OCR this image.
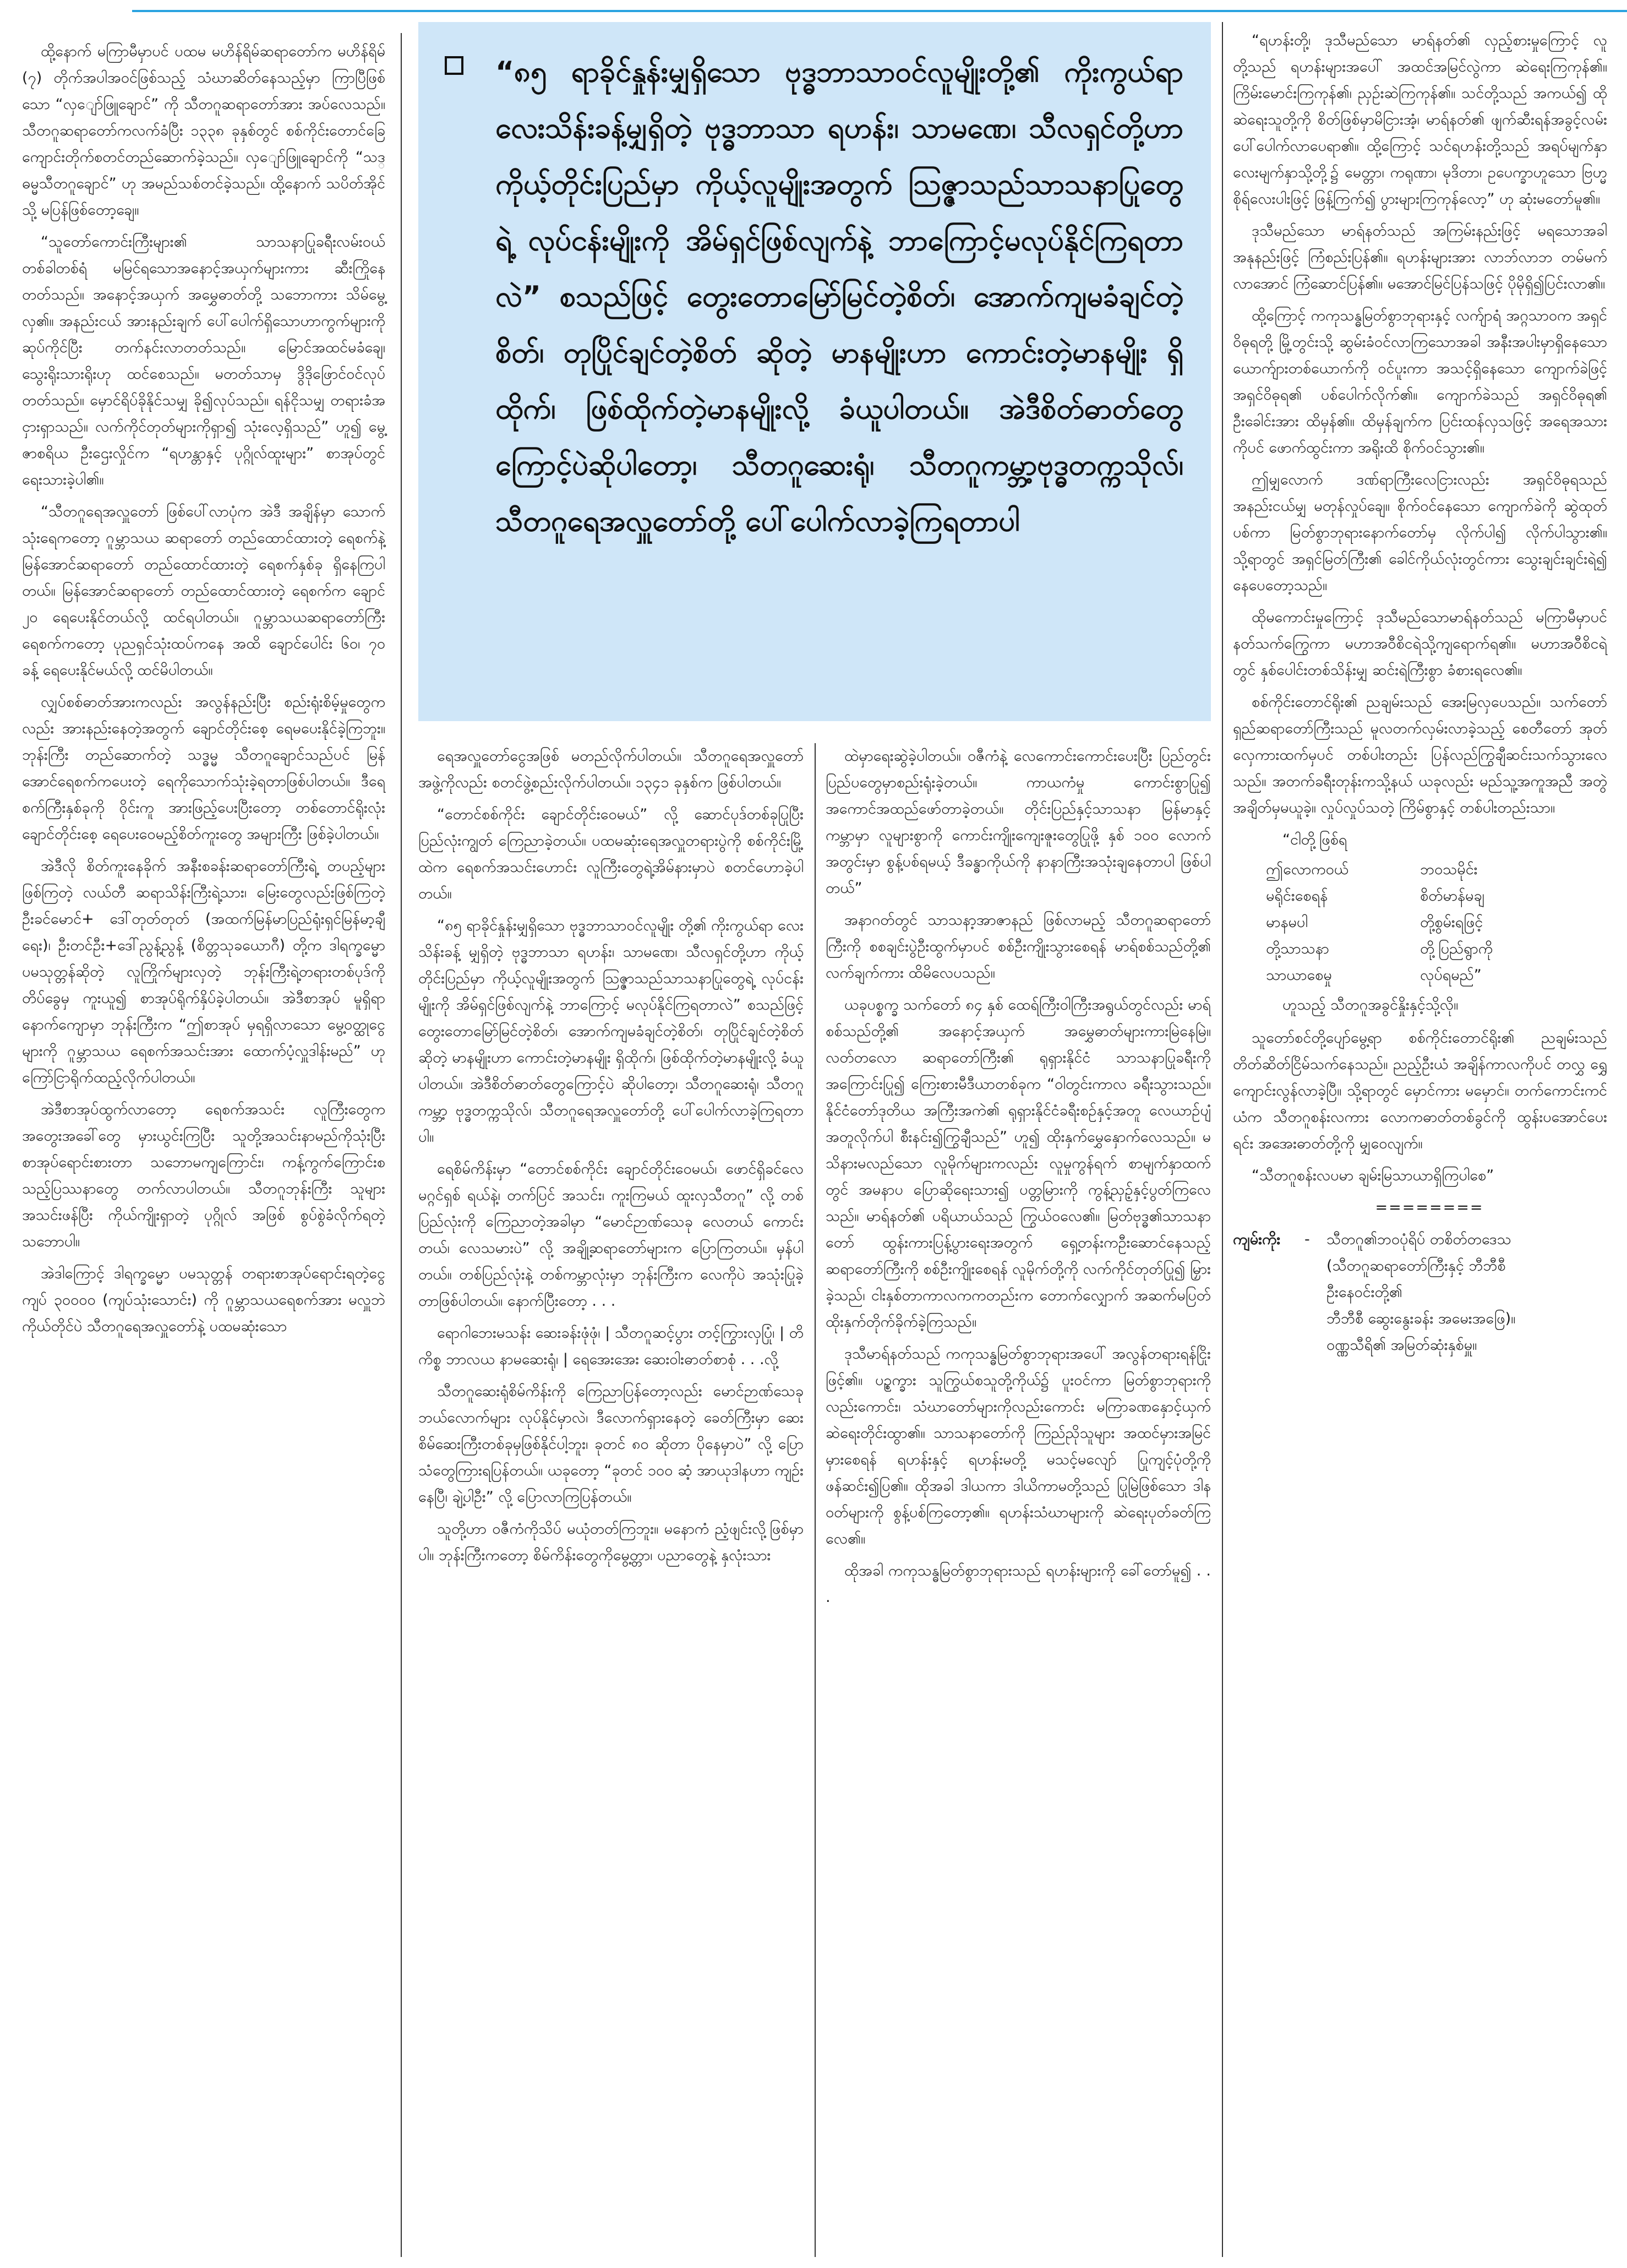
ထို့နောက် မကြာမီမှာပင် ပထမ မဟိန်ရိမ်ဆရာတော်က မဟိန်ရိမ် (၇) တိုက်အပါအဝင်ဖြစ်သည့် သံဃာဆိတ်နေသည့်မှာ ကြာပြီဖြစ်သော “လှျော်ဖြူချောင်” ကို သီတဂူဆရာတော်အား အပ်လေသည်။ သီတဂူဆရာတော်ကလက်ခံပြီး ၁၃၃၈ ခုနှစ်တွင် စစ်ကိုင်းတောင်ခြေ ကျောင်းတိုက်စတင်တည်ဆောက်ခဲ့သည်။ လှျော်ဖြူချောင်ကို “သဒ္ဓမ္မသီတဂူချောင်” ဟု အမည်သစ်တင်ခဲ့သည်။ ထို့နောက် သပိတ်အိုင်သို့ မပြန်ဖြစ်တော့ချေ။

“သူတော်ကောင်းကြီးများ၏ သာသနာပြုခရီးလမ်းဝယ် တစ်ခါတစ်ရံ မမြင်ရသောအနောင့်အယှက်များကား ဆီးကြိုနေတတ်သည်။ အနောင့်အယှက် အမွှေဓာတ်တို့ သဘောကား သိမ်မွေ့လှ၏။ အနည်းငယ် အားနည်းချက် ပေါ်ပေါက်ရှိသောဟာကွက်များကို ဆုပ်ကိုင်ပြီး တက်နင်းလာတတ်သည်။ မြောင်အထင်မခံချေ၊ သွေးရိုးသားရိုးဟု ထင်စေသည်။ မတတ်သာမှ ဒွိဒိုဖြောင်ဝင်လုပ်တတ်သည်။ မှောင်ရိပ်ခိုနိုင်သမျှ ခို၍လုပ်သည်။ ရန်ငိုသမျှ တရားခံအငှားရှာသည်။ လက်ကိုင်တုတ်များကိုရှာ၍ သုံးလေ့ရှိသည်” ဟူ၍ မွေ့ဇာစရိယ ဦးဌေးလှိုင်က “ရဟန္တာနှင့် ပုဂ္ဂိုလ်ထူးများ” စာအုပ်တွင် ရေးသားခဲ့ပါ၏။

“သီတဂူရေအလှူတော် ဖြစ်ပေါ်လာပုံက အဲဒီ အချိန်မှာ သောက်သုံးရေကတော့ ဂူမ္ဘာသယ ဆရာတော် တည်ထောင်ထားတဲ့ ရေစက်နဲ့ မြန်အောင်ဆရာတော် တည်ထောင်ထားတဲ့ ရေစက်နှစ်ခု ရှိနေကြပါတယ်။ မြန်အောင်ဆရာတော် တည်ထောင်ထားတဲ့ ရေစက်က ချောင် ၂၀ ရေပေးနိုင်တယ်လို့ ထင်ရပါတယ်။ ဂူမ္ဘာသယဆရာတော်ကြီး ရေစက်ကတော့ ပုညရှင်သုံးထပ်ကနေ အထိ ချောင်ပေါင်း ၆၀၊ ၇၀ ခန့် ရေပေးနိုင်မယ်လို့ ထင်မိပါတယ်။

လျှပ်စစ်ဓာတ်အားကလည်း အလွန်နည်းပြီး စည်းရုံးစိမ့်မှုတွေကလည်း အားနည်းနေတဲ့အတွက် ချောင်တိုင်းစေ့ ရေမပေးနိုင်ခဲ့ကြဘူး။ ဘုန်းကြီး တည်ဆောက်တဲ့ သဒ္ဓမ္မ သီတဂူချောင်သည်ပင် မြန်အောင်ရေစက်ကပေးတဲ့ ရေကိုသောက်သုံးခဲ့ရတာဖြစ်ပါတယ်။ ဒီရေစက်ကြီးနှစ်ခုကို ဝိုင်းကူ အားဖြည့်ပေးပြီးတော့ တစ်တောင်ရိုးလုံး ချောင်တိုင်းစေ့ ရေပေးဝေမည့်စိတ်ကူးတွေ အများကြီး ဖြစ်ခဲ့ပါတယ်။

အဲဒီလို စိတ်ကူးနေခိုက် အနီးစခန်းဆရာတော်ကြီးရဲ့ တပည့်များဖြစ်ကြတဲ့ လယ်တီ ဆရာသိန်းကြီးရဲ့သား၊ မြေးတွေလည်းဖြစ်ကြတဲ့ ဦးခင်မောင်+ ဒေါ်တုတ်တုတ် (အထက်မြန်မာပြည်ရုံးရှင်မြန်မာ့ချီရေး)၊ ဦးတင်ဦး+ဒေါ်ညွန့်ညွန့် (စိတ္တသုခယောဂီ) တို့က ဒါရက္ခမ္မော ပမသုတ္တန်ဆိုတဲ့ လူကြိုက်များလှတဲ့ ဘုန်းကြီးရဲ့တရားတစ်ပုဒ်ကို တိပ်ခွေမှ ကူးယူ၍ စာအုပ်ရိုက်နှိပ်ခဲ့ပါတယ်။ အဲဒီစာအုပ် မူရှိရာ နောက်ကျောမှာ ဘုန်းကြီးက “ဤစာအုပ် မှရရှိလာသော မွေ့ဝတ္ထုငွေများကို ဂူမ္ဘာသယ ရေစက်အသင်းအား ထောက်ပံ့လှူဒါန်းမည်” ဟု ကြော်ငြာရိုက်ထည့်လိုက်ပါတယ်။

အဲဒီစာအုပ်ထွက်လာတော့ ရေစက်အသင်း လူကြီးတွေက အတွေးအခေါ်တွေ မှားယွင်းကြပြီး သူတို့အသင်းနာမည်ကိုသုံးပြီး စာအုပ်ရောင်းစားတာ သဘောမကျကြောင်း၊ ကန့်ကွက်ကြောင်းစသည့်ပြဿနာတွေ တက်လာပါတယ်။ သီတဂူဘုန်းကြီး သူများ အသင်းဖန်ပြီး ကိုယ်ကျိုးရှာတဲ့ ပုဂ္ဂိုလ် အဖြစ် စွပ်စွဲခံလိုက်ရတဲ့ သဘောပါ။

အဲဒါကြောင့် ဒါရက္ခမ္မော ပမသုတ္တန် တရားစာအုပ်ရောင်းရတဲ့ငွေကျပ် ၃၀၀၀၀ (ကျပ်သုံးသောင်း) ကို ဂူမ္ဘာသယရေစက်အား မလှူဘဲ ကိုယ်တိုင်ပဲ သီတဂူရေအလှူတော်နဲ့ ပထမဆုံးသော

“၈၅ ရာခိုင်နှုန်းမျှရှိသော ဗုဒ္ဓဘာသာဝင်လူမျိုးတို့၏ ကိုးကွယ်ရာ လေးသိန်းခန့်မျှရှိတဲ့ ဗုဒ္ဓဘာသာ ရဟန်း၊ သာမဏေ၊ သီလရှင်တို့ဟာ ကိုယ့်တိုင်းပြည်မှာ ကိုယ့်လူမျိုးအတွက် ဩဇ္ဇာသည်သာသနာပြုတွေရဲ့ လုပ်ငန်းမျိုးကို အိမ်ရှင်ဖြစ်လျက်နဲ့ ဘာကြောင့်မလုပ်နိုင်ကြရတာလဲ” စသည်ဖြင့် တွေးတောမြော်မြင်တဲ့စိတ်၊ အောက်ကျမခံချင်တဲ့စိတ်၊ တုပြိုင်ချင်တဲ့စိတ် ဆိုတဲ့ မာနမျိုးဟာ ကောင်းတဲ့မာနမျိုး ရှိထိုက်၊ ဖြစ်ထိုက်တဲ့မာနမျိုးလို့ ခံယူပါတယ်။ အဲဒီစိတ်ဓာတ်တွေကြောင့်ပဲဆိုပါတော့၊ သီတဂူဆေးရုံ၊ သီတဂူကမ္ဘာ့ဗုဒ္ဓတက္ကသိုလ်၊ သီတဂူရေအလှူတော်တို့ ပေါ်ပေါက်လာခဲ့ကြရတာပါ

ရေအလှူတော်ငွေအဖြစ် မတည်လိုက်ပါတယ်။ သီတဂူရေအလှူတော် အဖွဲ့ကိုလည်း စတင်ဖွဲ့စည်းလိုက်ပါတယ်။ ၁၃၄၁ ခုနှစ်က ဖြစ်ပါတယ်။

“တောင်စစ်ကိုင်း ချောင်တိုင်းဝေမယ်” လို့ ဆောင်ပုဒ်တစ်ခုပြုပြီး ပြည်လုံးကျွတ် ကြေညာခဲ့တယ်။ ပထမဆုံးရေအလှူတရားပွဲကို စစ်ကိုင်းမြို့ ထဲက ရေစက်အသင်းဟောင်း လူကြီးတွေရဲ့အိမ်နားမှာပဲ စတင်ဟောခဲ့ပါတယ်။

“၈၅ ရာခိုင်နှုန်းမျှရှိသော ဗုဒ္ဓဘာသာဝင်လူမျိုး တို့၏ ကိုးကွယ်ရာ လေးသိန်းခန့် မျှရှိတဲ့ ဗုဒ္ဓဘာသာ ရဟန်း၊ သာမဏေ၊ သီလရှင်တို့ဟာ ကိုယ့်တိုင်းပြည်မှာ ကိုယ့်လူမျိုးအတွက် ဩဇ္ဇာသည်သာသနာပြုတွေရဲ့ လုပ်ငန်းမျိုးကို အိမ်ရှင်ဖြစ်လျက်နဲ့ ဘာကြောင့် မလုပ်နိုင်ကြရတာလဲ” စသည်ဖြင့် တွေးတောမြော်မြင်တဲ့စိတ်၊ အောက်ကျမခံချင်တဲ့စိတ်၊ တုပြိုင်ချင်တဲ့စိတ်ဆိုတဲ့ မာနမျိုးဟာ ကောင်းတဲ့မာနမျိုး ရှိထိုက်၊ ဖြစ်ထိုက်တဲ့မာနမျိုးလို့ ခံယူပါတယ်။ အဲဒီစိတ်ဓာတ်တွေကြောင့်ပဲ ဆိုပါတော့၊ သီတဂူဆေးရုံ၊ သီတဂူကမ္ဘာ့ ဗုဒ္ဓတက္ကသိုလ်၊ သီတဂူရေအလှူတော်တို့ ပေါ်ပေါက်လာခဲ့ကြရတာပါ။

ရေစိမ်ကိန်းမှာ “တောင်စစ်ကိုင်း ချောင်တိုင်းဝေမယ်၊ ဖောင်ရှိခင်လေ မဂ္ဂင်ရှစ် ရယ်နဲ့၊ တက်ပြင် အသင်း၊ ကူးကြမယ် ထူးလှသီတဂူ” လို့ တစ်ပြည်လုံးကို ကြေညာတဲ့အခါမှာ “မောင်ဉာဏ်သေခု လေတယ် ကောင်းတယ်၊ လေသမားပဲ” လို့ အချို့ဆရာတော်များက ပြောကြတယ်။ မှန်ပါတယ်။ တစ်ပြည်လုံးနဲ့ တစ်ကမ္ဘာလုံးမှာ ဘုန်းကြီးက လေကိုပဲ အသုံးပြုခဲ့တာဖြစ်ပါတယ်။ နောက်ပြီးတော့ . . .

ရောဂါဘေးမသန်း ဆေးခန်းဖုံဖုံ၊ | သီတဂူဆင့်ပွား တင့်ကြွားလှပြုံ၊ | တိ ကိစ္စ ဘာလယ နာမဆေးရုံ၊ | ရေအေးအေး ဆေးဝါးဓာတ်စာစုံ . . .လို့

သီတဂူဆေးရုံစိမ်ကိန်းကို ကြေညာပြန်တော့လည်း မောင်ဉာဏ်သေခု ဘယ်လောက်များ လုပ်နိုင်မှာလဲ၊ ဒီလောက်ရှားနေတဲ့ ခေတ်ကြီးမှာ ဆေးစိမ်ဆေးကြီးတစ်ခုမှဖြစ်နိုင်ပါ့ဘူး၊ ခုတင် ၈၀ ဆိုတာ ပိုနေမှာပဲ” လို့ ပြောသံတွေကြားရပြန်တယ်။ ယခုတော့ “ခုတင် ၁၀၀ ဆံ့ အာယုဒါနဟာ ကျဉ်းနေပြီ၊ ချဲ့ပါဦး” လို့ ပြောလာကြပြန်တယ်။

သူတို့ဟာ ဝဇီကံကိုသိပ် မယုံတတ်ကြဘူး။ မနောကံ ညံ့ဖျင်းလို့ဖြစ်မှာပါ။ ဘုန်းကြီးကတော့ စိမ်ကိန်းတွေကိုမွေ့တ္တာ၊ ပညာတွေနဲ့ နှလုံးသား

ထဲမှာရေးဆွဲခဲ့ပါတယ်။ ဝဇီကံနဲ့ လေကောင်းကောင်းပေးပြီး ပြည်တွင်း ပြည်ပတွေမှာစည်းရုံးခဲ့တယ်။ ကာယကံမှု ကောင်းစွာပြု၍ အကောင်အထည်ဖော်တာခဲ့တယ်။ တိုင်းပြည်နှင့်သာသနာ မြန်မာနှင့် ကမ္ဘာမှာ လူများစွာကို ကောင်းကျိုးကျေးဇူးတွေပြုဖို့ နှစ် ၁၀၀ လောက်အတွင်းမှာ စွန့်ပစ်ရမယ့် ဒီခန္ဓာကိုယ်ကို နာနာကြီးအသုံးချနေတာပါ ဖြစ်ပါတယ်”

အနာဂတ်တွင် သာသနာ့အာဇာနည် ဖြစ်လာမည့် သီတဂူဆရာတော်ကြီးကို စစချင်းပွဲဦးထွက်မှာပင် စစ်ဦးကျိုးသွားစေရန် မာရ်စစ်သည်တို့၏ လက်ချက်ကား ထိမိလေပသည်။

ယခုပစ္စက္ခ သက်တော် ၈၄ နှစ် ထေရ်ကြီးဝါကြီးအရွယ်တွင်လည်း မာရ်စစ်သည်တို့၏ အနောင့်အယှက် အမွှေဓာတ်များကားမြဲနေမြဲ။ လတ်တလော ဆရာတော်ကြီး၏ ရုရှားနိုင်ငံ သာသနာပြုခရီးကို အကြောင်းပြု၍ ကြေးစားမီဒီယာတစ်ခုက “ဝါတွင်းကာလ ခရီးသွားသည်။ နိုင်ငံတော်ဒုတိယ အကြီးအကဲ၏ ရုရှားနိုင်ငံခရီးစဉ်နှင့်အတူ လေယာဉ်ပျံအတူလိုက်ပါ စီးနင်း၍ကြွချီသည်” ဟူ၍ ထိုးနှက်မွှေနှောက်လေသည်။ မသိနားမလည်သော လူမိုက်များကလည်း လူမှုကွန်ရက် စာမျက်နှာထက်တွင် အမနာပ ပြောဆိုရေးသား၍ ပတ္တမြားကို ကွန့်ညှဉ့်နှင့်ပွတ်ကြလေသည်။ မာရ်နတ်၏ ပရိယာယ်သည် ကြွယ်ဝလေ၏။ မြတ်ဗုဒ္ဓ၏သာသနာတော် ထွန်းကားပြန့်ပွားရေးအတွက် ရှေ့တန်းကဦးဆောင်နေသည့် ဆရာတော်ကြီးကို စစ်ဦးကျိုးစေရန် လူမိုက်တို့ကို လက်ကိုင်တုတ်ပြု၍ မြှားခဲ့သည်၊ ငါးနှစ်တာကာလကကတည်းက တောက်လျှောက် အဆက်မပြတ် ထိုးနှက်တိုက်ခိုက်ခဲ့ကြသည်။

ဒုသီမာရ်နတ်သည် ကကုသန္ဓမြတ်စွာဘုရားအပေါ် အလွန်တရားရန်ငြိုးဖြင့်၏။ ပဉ္စက္ခား သူကြွယ်စသူတို့ကိုယ်၌ ပူးဝင်ကာ မြတ်စွာဘုရားကိုလည်းကောင်း၊ သံဃာတော်များကိုလည်းကောင်း မကြာခဏနှောင့်ယှက် ဆဲရေးတိုင်းထွာ၏။ သာသနာတော်ကို ကြည်ညိုသူများ အထင်မှားအမြင်မှားစေရန် ရဟန်းနှင့် ရဟန်းမတို့ မသင့်မလျော် ပြုကျင့်ပုံတို့ကို ဖန်ဆင်း၍ပြ၏။ ထိုအခါ ဒါယကာ ဒါယိကာမတို့သည် ပြုမြဲဖြစ်သော ဒါနဝတ်များကို စွန့်ပစ်ကြတော့၏။ ရဟန်းသံဃာများကို ဆဲရေးပုတ်ခတ်ကြလေ၏။

ထိုအခါ ကကုသန္ဓမြတ်စွာဘုရားသည် ရဟန်းများကို ခေါ်တော်မူ၍ . . .

“ရဟန်းတို့၊ ဒုသီမည်သော မာရ်နတ်၏ လှည့်စားမှုကြောင့် လူတို့သည် ရဟန်းများအပေါ် အထင်အမြင်လွဲကာ ဆဲရေးကြကုန်၏။ ကြိမ်းမောင်းကြကုန်၏၊ ညှဉ်းဆဲကြကုန်၏။ သင်တို့သည် အကယ်၍ ထိုဆဲရေးသူတို့ကို စိတ်ဖြစ်မှာမိငြားအံ့၊ မာရ်နတ်၏ ဖျက်ဆီးရန်အခွင့်လမ်း ပေါ်ပေါက်လာပေရာ၏။ ထို့ကြောင့် သင်ရဟန်းတို့သည် အရပ်မျက်နှာ လေးမျက်နှာသို့တို့၌ မေတ္တာ၊ ကရုဏာ၊ မုဒိတာ၊ ဥပေက္ခာဟူသော ဗြဟ္မစိုရ်လေးပါးဖြင့် ဖြန့်ကြက်၍ ပွားများကြကုန်လော့” ဟု ဆုံးမတော်မူ၏။

ဒုသီမည်သော မာရ်နတ်သည် အကြမ်းနည်းဖြင့် မရသောအခါ အနုနည်းဖြင့် ကြံစည်းပြန်၏။ ရဟန်းများအား လာဘ်လာဘ တမ်မက်လာအောင် ကြံဆောင်ပြန်၏။ မအောင်မြင်ပြန်သဖြင့် ပိုမိုရှိ၍ပြင်းလာ၏။

ထို့ကြောင့် ကကုသန္ဓမြတ်စွာဘုရားနှင့် လက်ျာရံ အဂ္ဂသာဝက အရှင်ဝိဓုရတို့ မြို့တွင်းသို့ ဆွမ်းခံဝင်လာကြသောအခါ အနီးအပါးမှာရှိနေသော ယောက်ျားတစ်ယောက်ကို ဝင်ပူးကာ အသင့်ရှိနေသော ကျောက်ခဲဖြင့် အရှင်ဝိဓုရ၏ ပစ်ပေါက်လိုက်၏။ ကျောက်ခဲသည် အရှင်ဝိဓုရ၏ ဦးခေါင်းအား ထိမှန်၏။ ထိမှန်ချက်က ပြင်းထန်လှသဖြင့် အရေအသားကိုပင် ဖောက်ထွင်းကာ အရိုးထိ စိုက်ဝင်သွား၏။

ဤမျှလောက် ဒဏ်ရာကြီးလေငြားလည်း အရှင်ဝိဓုရသည် အနည်းငယ်မျှ မတုန်လှုပ်ချေ။ စိုက်ဝင်နေသော ကျောက်ခဲကို ဆွဲထုတ်ပစ်ကာ မြတ်စွာဘုရားနောက်တော်မှ လိုက်ပါ၍ လိုက်ပါသွား၏။ သို့ရာတွင် အရှင်မြတ်ကြီး၏ ခေါင်ကိုယ်လုံးတွင်ကား သွေးချင်းချင်းရဲ၍ နေပေတော့သည်။

ထိုမကောင်းမှုကြောင့် ဒုသီမည်သောမာရ်နတ်သည် မကြာမီမှာပင် နတ်သက်ကြွေကာ မဟာအဝီစိငရဲသို့ကျရောက်ရ၏။ မဟာအဝီစိငရဲတွင် နှစ်ပေါင်းတစ်သိန်းမျှ ဆင်းရဲကြီးစွာ ခံစားရလေ၏။

စစ်ကိုင်းတောင်ရိုး၏ ညချမ်းသည် အေးမြလှပေသည်။ သက်တော်ရှည်ဆရာတော်ကြီးသည် မူလတက်လှမ်းလာခဲ့သည့် စေတီတော် အုတ်လှေကားထက်မှပင် တစ်ပါးတည်း ပြန်လည်ကြွချီဆင်းသက်သွားလေသည်။ အတက်ခရီးတုန်းကသို့နယ် ယခုလည်း မည်သူ့အကူအညီ အတွဲအချိတ်မှမယူခဲ့။ လှုပ်လှုပ်သတဲ့ ကြိမ်စွာနှင့် တစ်ပါးတည်းသာ။

“ငါတို့ဖြစ်ရ
ဤလောကဝယ်	ဘဝသမိုင်း
မရိုင်းစေရန်	စိတ်မာန်မချ
မာနမပါ	တို့စွမ်းရဖြင့်
တို့သာသနာ	တို့ပြည်ရွာကို
သာယာစေမှု	လုပ်ရမည်”
ဟူသည့် သီတဂူအခွင်နှိုးနှင့်သို့လို။

သူတော်စင်တို့ပျော်မွေ့ရာ စစ်ကိုင်းတောင်ရိုး၏ ညချမ်းသည် တိတ်ဆိတ်ငြိမ်သက်နေသည်။ ညည့်ဦးယံ အချိန်ကာလကိုပင် တလွှ ရွှေကျောင်းလွန်လာခဲ့ပြီ။ သို့ရာတွင် မှောင်ကား မမှောင်။ တက်ကောင်းကင်ယံက သီတဂူစန်းလကား လောကဓာတ်တစ်ခွင်ကို ထွန်းပအောင်ပေးရင်း အအေးဓာတ်တို့ကို မျှဝေလျက်။

“သီတဂူစန်းလပမာ ချမ်းမြသာယာရှိကြပါစေ”

========

ကျမ်းကိုး	-	သီတဂူ၏ဘဝပုံရိပ် တစိတ်တဒေသ
(သီတဂူဆရာတော်ကြီးနှင့် ဘီဘီစီ
ဦးနေဝင်းတို့၏
ဘီဘီစီ ဆွေးနွေးခန်း အမေးအဖြေ)။
ဝဏ္ဏသီရိ၏ အမြတ်ဆုံးနှစ်မှူ။
